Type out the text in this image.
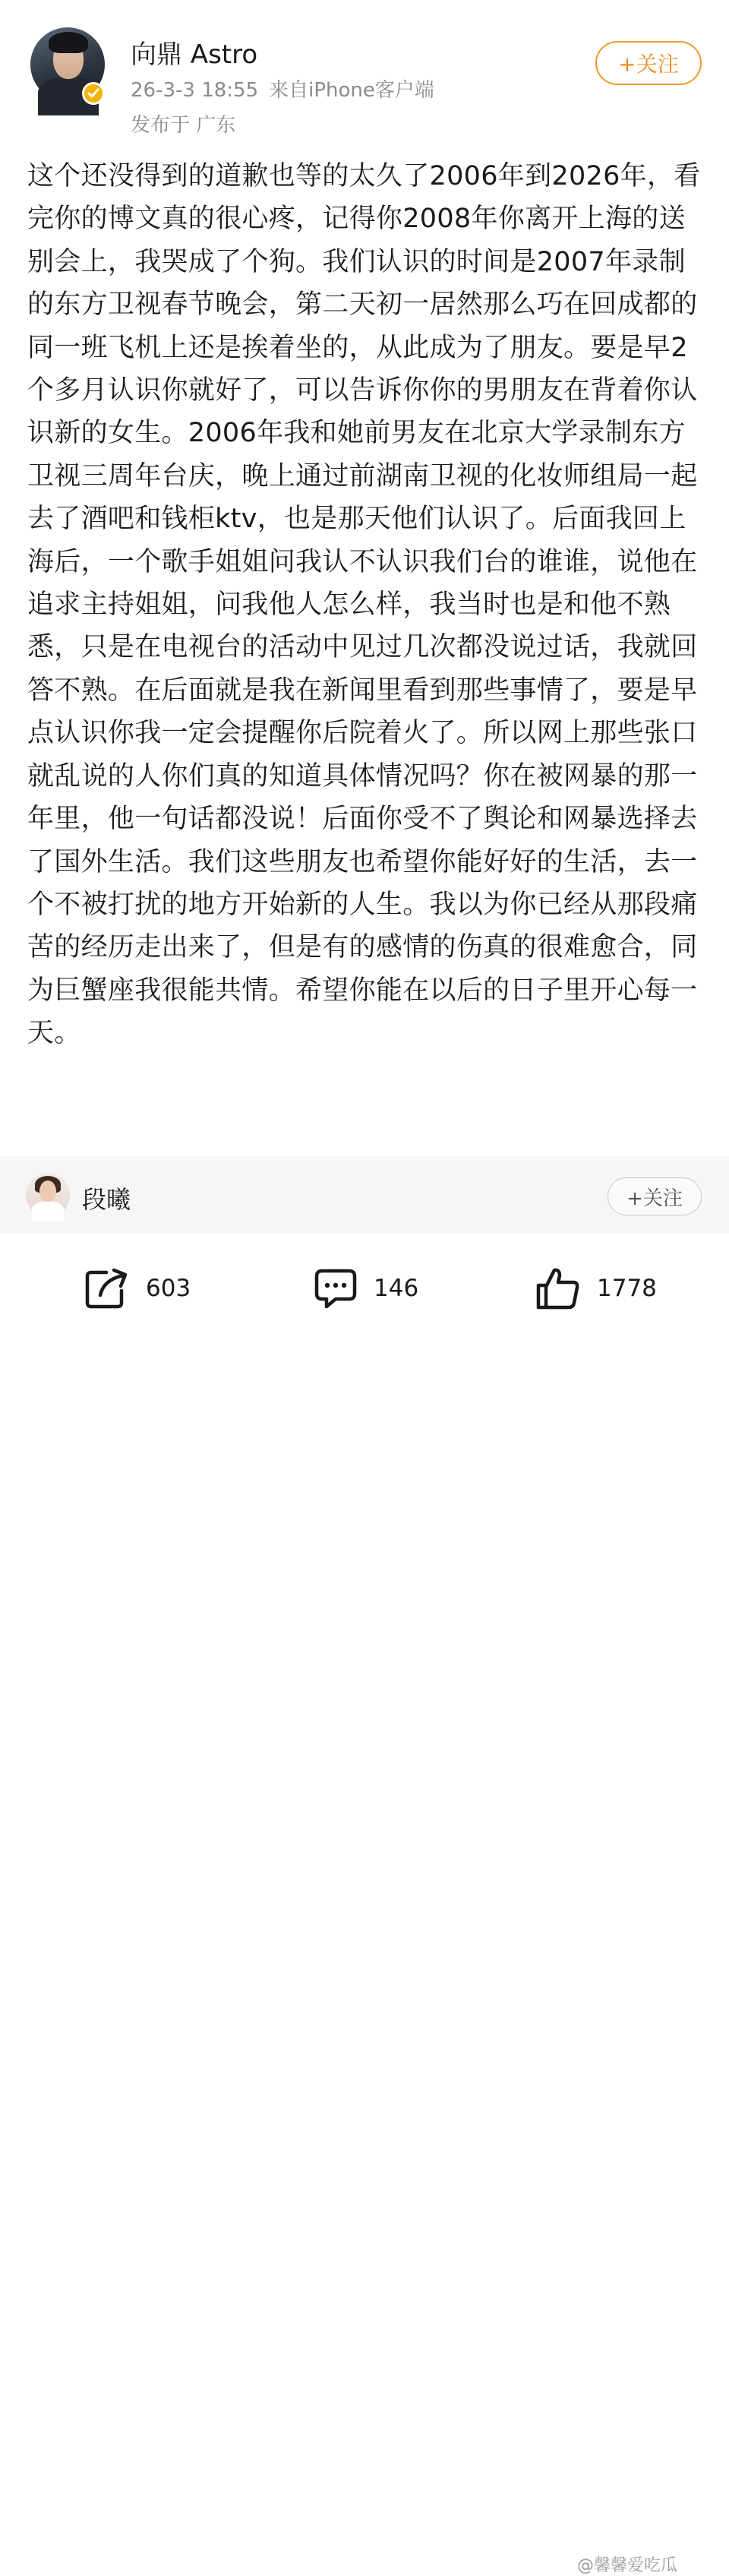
向鼎 Astro
26-3-3 18:55 来自iPhone客户端
发布于 广东
+关注
这个还没得到的道歉也等的太久了2006年到2026年，看完你的博文真的很心疼，记得你2008年你离开上海的送别会上，我哭成了个狗。我们认识的时间是2007年录制的东方卫视春节晚会，第二天初一居然那么巧在回成都的同一班飞机上还是挨着坐的，从此成为了朋友。要是早2个多月认识你就好了，可以告诉你你的男朋友在背着你认识新的女生。2006年我和她前男友在北京大学录制东方卫视三周年台庆，晚上通过前湖南卫视的化妆师组局一起去了酒吧和钱柜ktv，也是那天他们认识了。后面我回上海后，一个歌手姐姐问我认不认识我们台的谁谁，说他在追求主持姐姐，问我他人怎么样，我当时也是和他不熟悉，只是在电视台的活动中见过几次都没说过话，我就回答不熟。在后面就是我在新闻里看到那些事情了，要是早点认识你我一定会提醒你后院着火了。所以网上那些张口就乱说的人你们真的知道具体情况吗？你在被网暴的那一年里，他一句话都没说！后面你受不了舆论和网暴选择去了国外生活。我们这些朋友也希望你能好好的生活，去一个不被打扰的地方开始新的人生。我以为你已经从那段痛苦的经历走出来了，但是有的感情的伤真的很难愈合，同为巨蟹座我很能共情。希望你能在以后的日子里开心每一天。
段曦	+关注
603	146	1778
@馨馨爱吃瓜
